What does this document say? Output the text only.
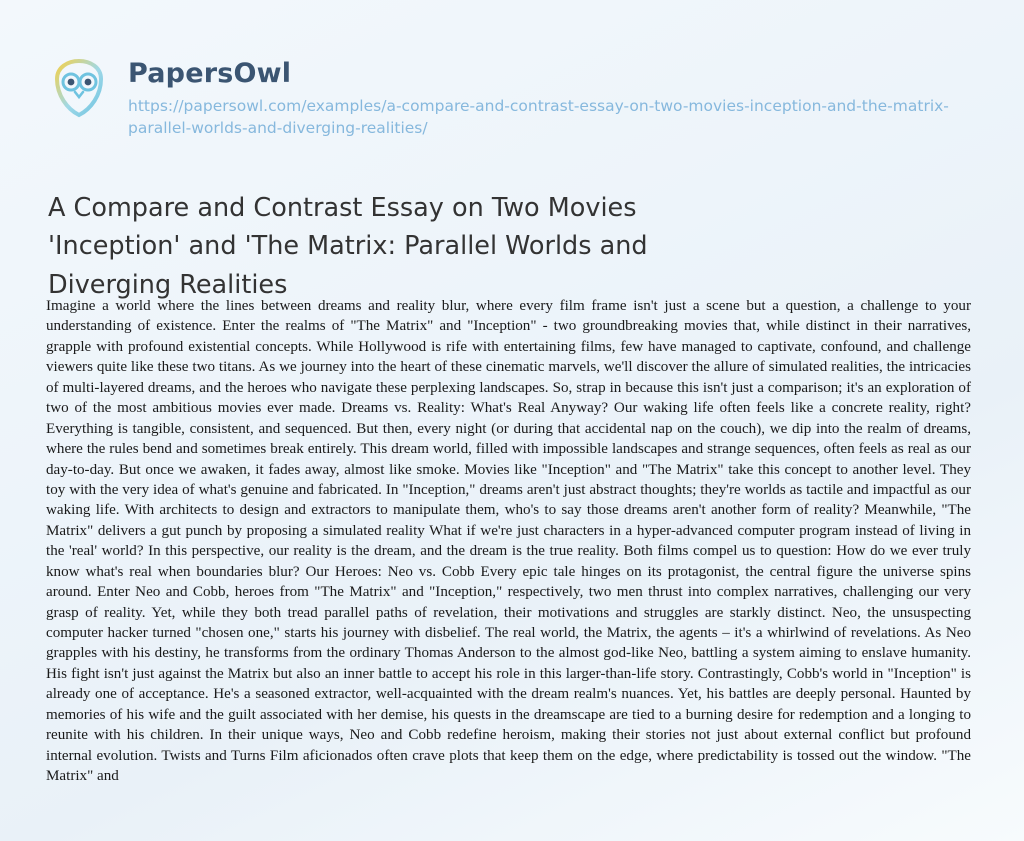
PapersOwl
https://papersowl.com/examples/a-compare-and-contrast-essay-on-two-movies-inception-and-the-matrix-parallel-worlds-and-diverging-realities/
A Compare and Contrast Essay on Two Movies 'Inception' and 'The Matrix: Parallel Worlds and Diverging Realities
Imagine a world where the lines between dreams and reality blur, where every film frame isn't just a scene but a question, a challenge to your understanding of existence. Enter the realms of "The Matrix" and "Inception" - two groundbreaking movies that, while distinct in their narratives, grapple with profound existential concepts. While Hollywood is rife with entertaining films, few have managed to captivate, confound, and challenge viewers quite like these two titans. As we journey into the heart of these cinematic marvels, we'll discover the allure of simulated realities, the intricacies of multi-layered dreams, and the heroes who navigate these perplexing landscapes. So, strap in because this isn't just a comparison; it's an exploration of two of the most ambitious movies ever made. Dreams vs. Reality: What's Real Anyway? Our waking life often feels like a concrete reality, right? Everything is tangible, consistent, and sequenced. But then, every night (or during that accidental nap on the couch), we dip into the realm of dreams, where the rules bend and sometimes break entirely. This dream world, filled with impossible landscapes and strange sequences, often feels as real as our day-to-day. But once we awaken, it fades away, almost like smoke. Movies like "Inception" and "The Matrix" take this concept to another level. They toy with the very idea of what's genuine and fabricated. In "Inception," dreams aren't just abstract thoughts; they're worlds as tactile and impactful as our waking life. With architects to design and extractors to manipulate them, who's to say those dreams aren't another form of reality? Meanwhile, "The Matrix" delivers a gut punch by proposing a simulated reality What if we're just characters in a hyper-advanced computer program instead of living in the 'real' world? In this perspective, our reality is the dream, and the dream is the true reality. Both films compel us to question: How do we ever truly know what's real when boundaries blur? Our Heroes: Neo vs. Cobb Every epic tale hinges on its protagonist, the central figure the universe spins around. Enter Neo and Cobb, heroes from "The Matrix" and "Inception," respectively, two men thrust into complex narratives, challenging our very grasp of reality. Yet, while they both tread parallel paths of revelation, their motivations and struggles are starkly distinct. Neo, the unsuspecting computer hacker turned "chosen one," starts his journey with disbelief. The real world, the Matrix, the agents – it's a whirlwind of revelations. As Neo grapples with his destiny, he transforms from the ordinary Thomas Anderson to the almost god-like Neo, battling a system aiming to enslave humanity. His fight isn't just against the Matrix but also an inner battle to accept his role in this larger-than-life story. Contrastingly, Cobb's world in "Inception" is already one of acceptance. He's a seasoned extractor, well-acquainted with the dream realm's nuances. Yet, his battles are deeply personal. Haunted by memories of his wife and the guilt associated with her demise, his quests in the dreamscape are tied to a burning desire for redemption and a longing to reunite with his children. In their unique ways, Neo and Cobb redefine heroism, making their stories not just about external conflict but profound internal evolution. Twists and Turns Film aficionados often crave plots that keep them on the edge, where predictability is tossed out the window. "The Matrix" and
